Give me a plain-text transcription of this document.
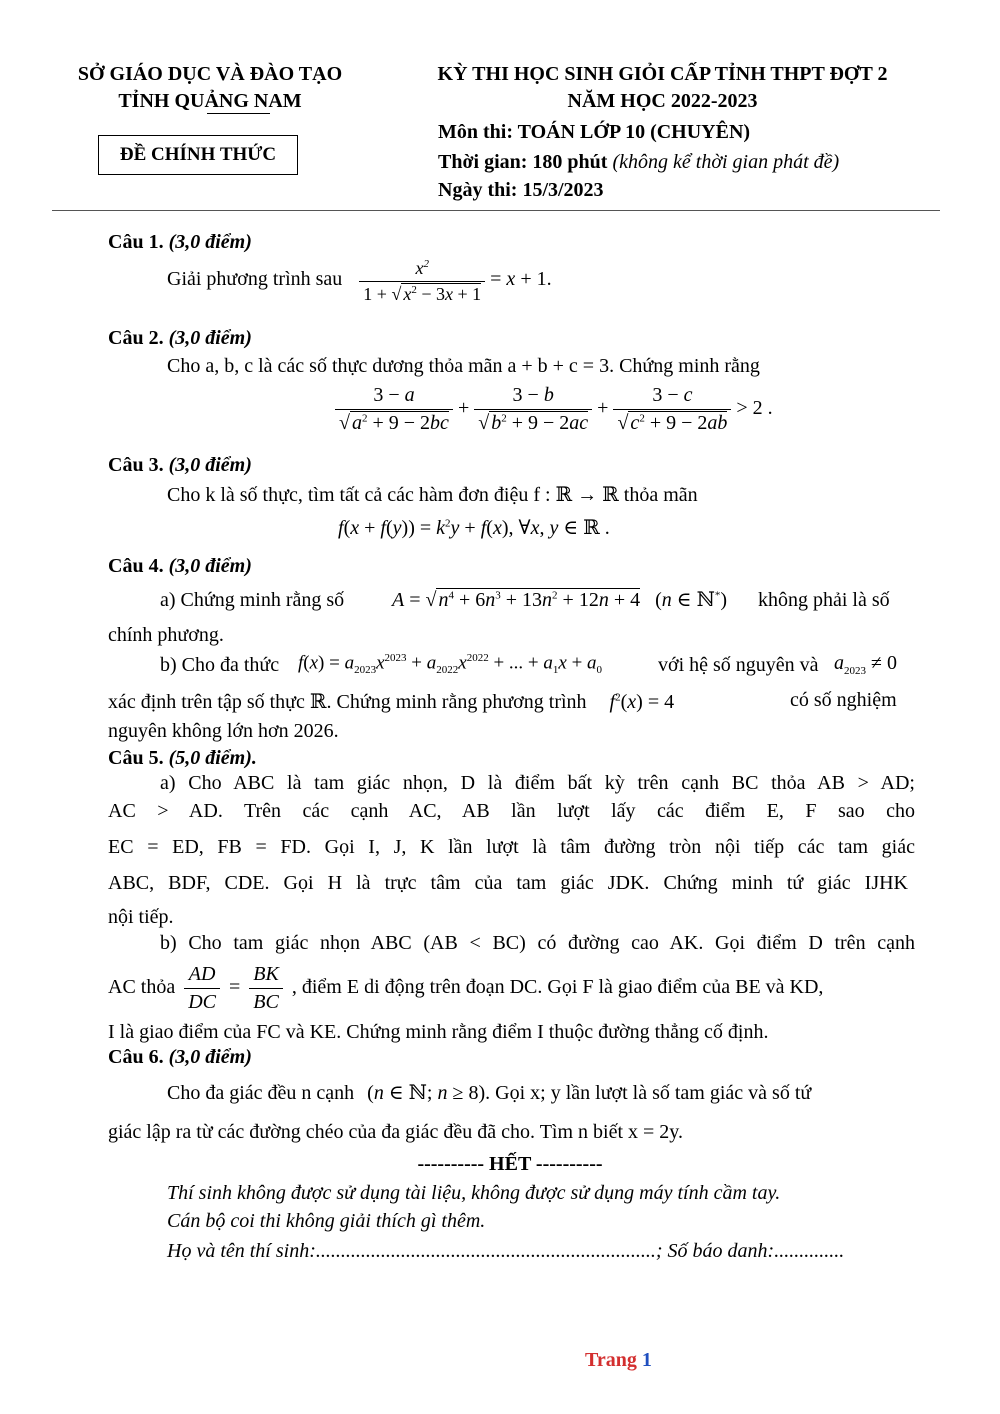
SỞ GIÁO DỤC VÀ ĐÀO TẠO
TỈNH QUẢNG NAM
ĐỀ CHÍNH THỨC
KỲ THI HỌC SINH GIỎI CẤP TỈNH THPT ĐỢT 2
NĂM HỌC 2022-2023
Môn thi: TOÁN LỚP 10 (CHUYÊN)
Thời gian: 180 phút (không kể thời gian phát đề)
Ngày thi: 15/3/2023
Câu 1. (3,0 điểm)
Giải phương trình sau $\frac{x^2}{1 + √ x^2 - 3x + 1} = x + 1$.
Câu 2. (3,0 điểm)
Cho a, b, c là các số thực dương thỏa mãn a + b + c = 3. Chứng minh rằng
$\frac{3 - a}{√ a^2 + 9 - 2bc} + \frac{3 - b}{√ b^2 + 9 - 2ac} + \frac{3 - c}{√ c^2 + 9 - 2ab} > 2$ .
Câu 3. (3,0 điểm)
Cho k là số thực, tìm tất cả các hàm đơn điệu f : ℝ → ℝ thỏa mãn
$f(x + f(y)) = k^2y + f(x)$, ∀x, y ∈ ℝ .
Câu 4. (3,0 điểm)
a) Chứng minh rằng số A = √ $n^4 + 6n^3 + 13n^2 + 12n + 4$   (n ∈ ℕ*) không phải là số
chính phương.
b) Cho đa thức $f(x) = a_{2023}x^{2023} + a_{2022}x^{2022}$ + ... + $a_1x + a_0$	với hệ số nguyên và $a_{2023} \ne 0$
xác định trên tập số thực ℝ. Chứng minh rằng phương trình $f^2(x) = 4$	có số nghiệm
nguyên không lớn hơn 2026.
Câu 5. (5,0 điểm).
a) Cho ABC là tam giác nhọn, D là điểm bất kỳ trên cạnh BC thỏa AB > AD;
AC > AD. Trên các cạnh AC, AB lần lượt lấy các điểm E, F sao cho
EC = ED, FB = FD. Gọi I, J, K lần lượt là tâm đường tròn nội tiếp các tam giác
ABC, BDF, CDE. Gọi H là trực tâm của tam giác JDK. Chứng minh tứ giác IJHK
nội tiếp.
b) Cho tam giác nhọn ABC (AB < BC) có đường cao AK. Gọi điểm D trên cạnh
AC thỏa $\frac{AD}{DC} = \frac{BK}{BC}$ , điểm E di động trên đoạn DC. Gọi F là giao điểm của BE và KD,
I là giao điểm của FC và KE. Chứng minh rằng điểm I thuộc đường thẳng cố định.
Câu 6. (3,0 điểm)
Cho đa giác đều n cạnh (n ∈ ℕ; n ≥ 8). Gọi x; y lần lượt là số tam giác và số tứ
giác lập ra từ các đường chéo của đa giác đều đã cho. Tìm n biết x = 2y.
---------- HẾT ----------
Thí sinh không được sử dụng tài liệu, không được sử dụng máy tính cầm tay.
Cán bộ coi thi không giải thích gì thêm.
Họ và tên thí sinh:....................................................................; Số báo danh:..............
Trang 1
